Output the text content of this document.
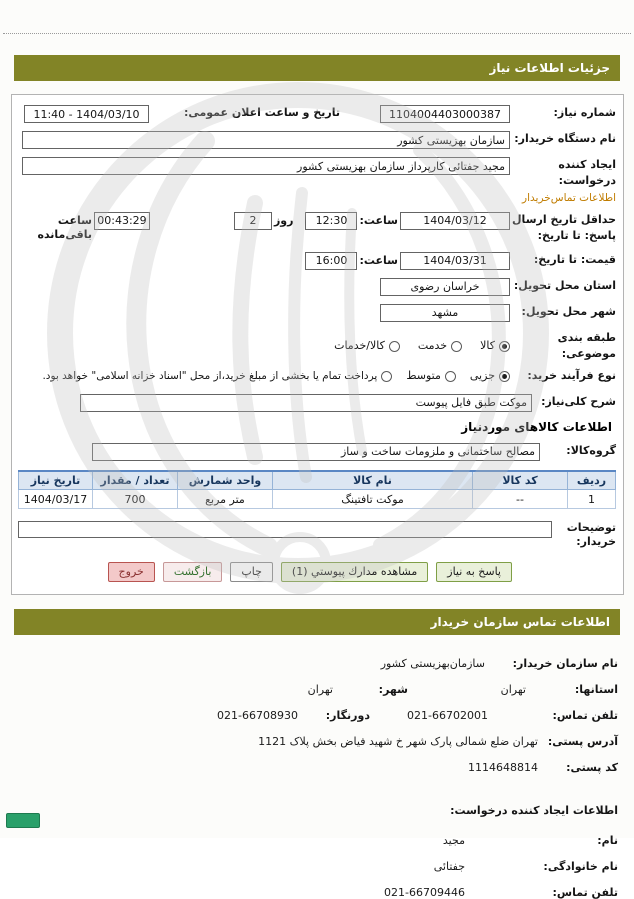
جزئیات اطلاعات نیاز
شماره نیاز:
1104004403000387
تاریخ و ساعت اعلان عمومی:
1404/03/10 - 11:40
نام دستگاه خریدار:
سازمان بهزیستی کشور
ایجاد کننده درخواست:
اطلاعات تماس‌خریدار
مجید جفتائی کارپرداز سازمان بهزیستی کشور
حداقل تاریخ ارسال پاسخ: تا تاریخ:
1404/03/12
ساعت:
12:30
روز
2
00:43:29
ساعت باقی‌مانده
قیمت: تا تاریخ:
1404/03/31
ساعت:
16:00
استان محل تحویل:
خراسان رضوی
شهر محل تحویل:
مشهد
طبقه بندی موضوعی:
کالا
خدمت
کالا/خدمات
نوع فرآیند خرید:
جزیی
متوسط
پرداخت تمام یا بخشی از مبلغ خرید،از محل "اسناد خزانه اسلامی" خواهد بود.
شرح کلی‌نیاز:
موکت طبق فایل پیوست
اطلاعات کالاهای موردنیاز
گروه‌کالا:
مصالح ساختمانی و ملزومات ساخت و ساز
ردیف	کد کالا	نام کالا	واحد شمارش	تعداد / مقدار	تاریخ نیاز
1	--	موکت تافتینگ	متر مربع	700	1404/03/17
توضیحات خریدار:
پاسخ به نیاز
مشاهده مدارك پیوستي (1)
چاپ
بازگشت
خروج
اطلاعات تماس سازمان خریدار
نام سازمان خریدار:
سازمان‌بهزیستی کشور
استانها:
تهران
شهر:
تهران
تلفن تماس:
021-66702001
دورنگار:
021-66708930
آدرس پستی:
تهران ضلع شمالی پارک شهر خ شهید فیاض بخش پلاک 1121
کد پستی:
1114648814
اطلاعات ایجاد کننده درخواست:
نام:
مجید
نام خانوادگی:
جفتائی
تلفن تماس:
021-66709446
